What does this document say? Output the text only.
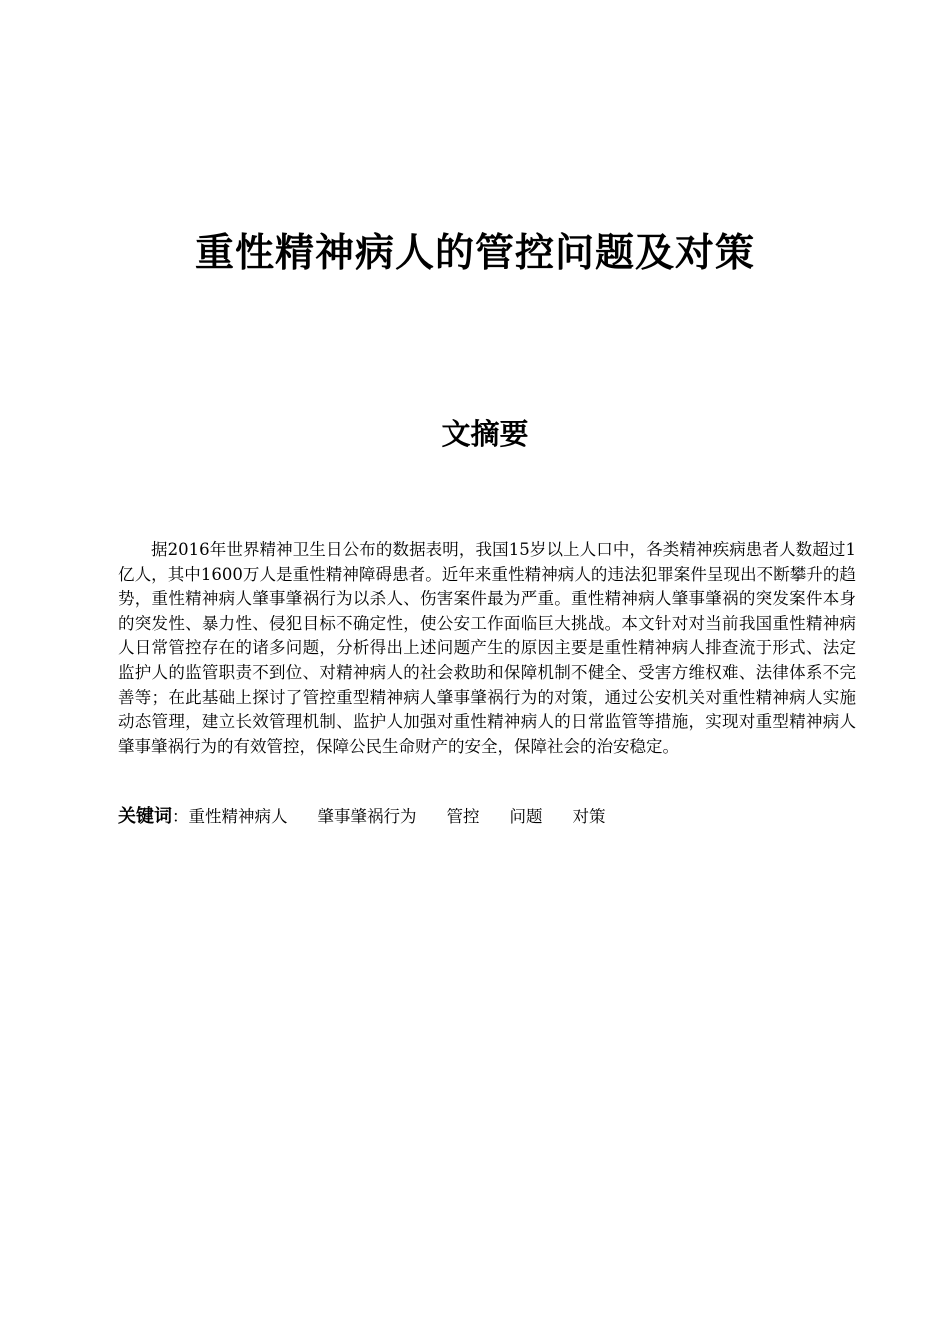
重性精神病人的管控问题及对策
文摘要

据2016年世界精神卫生日公布的数据表明，我国15岁以上人口中，各类精神疾病患者人数超过1亿人，其中1600万人是重性精神障碍患者。近年来重性精神病人的违法犯罪案件呈现出不断攀升的趋势，重性精神病人肇事肇祸行为以杀人、伤害案件最为严重。重性精神病人肇事肇祸的突发案件本身的突发性、暴力性、侵犯目标不确定性，使公安工作面临巨大挑战。本文针对对当前我国重性精神病人日常管控存在的诸多问题，分析得出上述问题产生的原因主要是重性精神病人排查流于形式、法定监护人的监管职责不到位、对精神病人的社会救助和保障机制不健全、受害方维权难、法律体系不完善等；在此基础上探讨了管控重型精神病人肇事肇祸行为的对策，通过公安机关对重性精神病人实施动态管理，建立长效管理机制、监护人加强对重性精神病人的日常监管等措施，实现对重型精神病人肇事肇祸行为的有效管控，保障公民生命财产的安全，保障社会的治安稳定。

关键词：重性精神病人 肇事肇祸行为 管控 问题 对策
